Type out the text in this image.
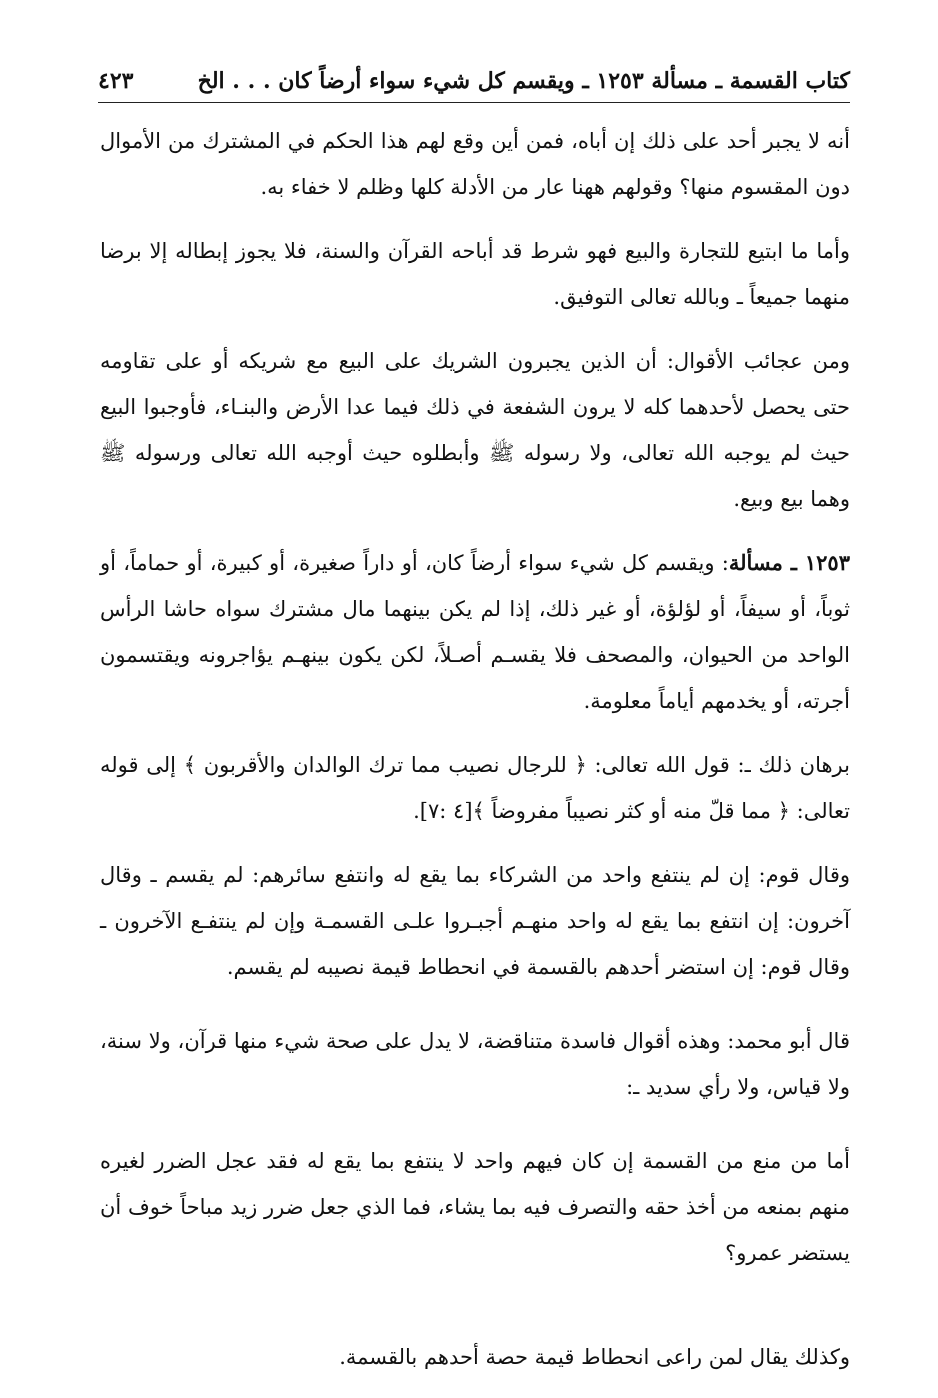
كتاب القسمة ـ مسألة ١٢٥٣ ـ ويقسم كل شيء سواء أرضاً كان . . . الخ
٤٢٣

أنه لا يجبر أحد على ذلك إن أباه، فمن أين وقع لهم هذا الحكم في المشترك من الأموال دون المقسوم منها؟ وقولهم ههنا عار من الأدلة كلها وظلم لا خفاء به.

وأما ما ابتيع للتجارة والبيع فهو شرط قد أباحه القرآن والسنة، فلا يجوز إبطاله إلا برضا منهما جميعاً ـ وبالله تعالى التوفيق.

ومن عجائب الأقوال: أن الذين يجبرون الشريك على البيع مع شريكه أو على تقاومه حتى يحصل لأحدهما كله لا يرون الشفعة في ذلك فيما عدا الأرض والبنـاء، فأوجبوا البيع حيث لم يوجبه الله تعالى، ولا رسوله ﷺ وأبطلوه حيث أوجبه الله تعالى ورسوله ﷺ وهما بيع وبيع.

١٢٥٣ ـ مسألة: ويقسم كل شيء سواء أرضاً كان، أو داراً صغيرة، أو كبيرة، أو حماماً، أو ثوباً، أو سيفاً، أو لؤلؤة، أو غير ذلك، إذا لم يكن بينهما مال مشترك سواه حاشا الرأس الواحد من الحيوان، والمصحف فلا يقسـم أصـلاً، لكن يكون بينهـم يؤاجرونه ويقتسمون أجرته، أو يخدمهم أياماً معلومة.

برهان ذلك ـ: قول الله تعالى: ﴿ للرجال نصيب مما ترك الوالدان والأقربون ﴾ إلى قوله تعالى: ﴿ مما قلّ منه أو كثر نصيباً مفروضاً ﴾[٤ :٧].

وقال قوم: إن لم ينتفع واحد من الشركاء بما يقع له وانتفع سائرهم: لم يقسم ـ وقال آخرون: إن انتفع بما يقع له واحد منهـم أجبـروا علـى القسمـة وإن لم ينتفـع الآخرون ـ وقال قوم: إن استضر أحدهم بالقسمة في انحطاط قيمة نصيبه لم يقسم.

قال أبو محمد: وهذه أقوال فاسدة متناقضة، لا يدل على صحة شيء منها قرآن، ولا سنة، ولا قياس، ولا رأي سديد ـ:

أما من منع من القسمة إن كان فيهم واحد لا ينتفع بما يقع له فقد عجل الضرر لغيره منهم بمنعه من أخذ حقه والتصرف فيه بما يشاء، فما الذي جعل ضرر زيد مباحاً خوف أن يستضر عمرو؟

وكذلك يقال لمن راعى انحطاط قيمة حصة أحدهم بالقسمة.
